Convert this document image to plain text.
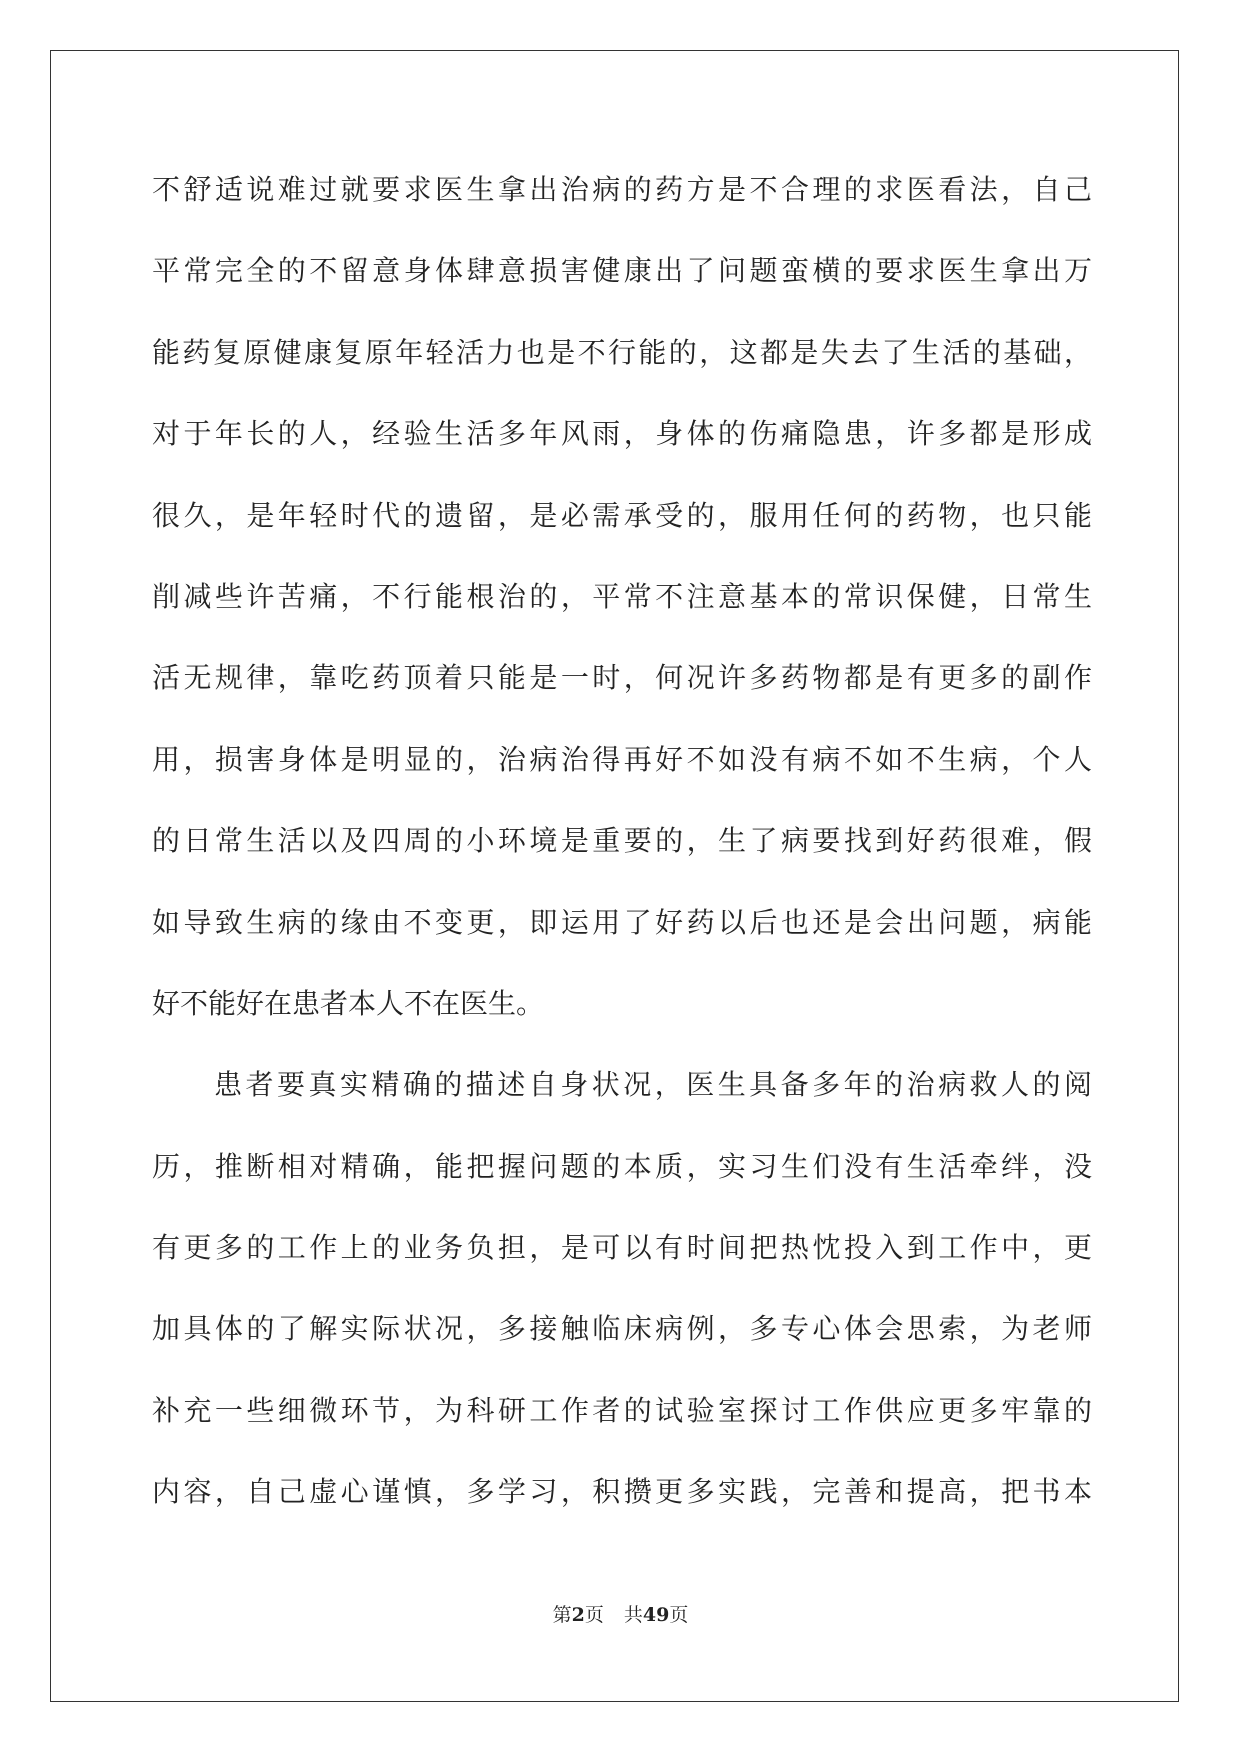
不舒适说难过就要求医生拿出治病的药方是不合理的求医看法，自己
平常完全的不留意身体肆意损害健康出了问题蛮横的要求医生拿出万
能药复原健康复原年轻活力也是不行能的，这都是失去了生活的基础，
对于年长的人，经验生活多年风雨，身体的伤痛隐患，许多都是形成
很久，是年轻时代的遗留，是必需承受的，服用任何的药物，也只能
削减些许苦痛，不行能根治的，平常不注意基本的常识保健，日常生
活无规律，靠吃药顶着只能是一时，何况许多药物都是有更多的副作
用，损害身体是明显的，治病治得再好不如没有病不如不生病，个人
的日常生活以及四周的小环境是重要的，生了病要找到好药很难，假
如导致生病的缘由不变更，即运用了好药以后也还是会出问题，病能
好不能好在患者本人不在医生。
患者要真实精确的描述自身状况，医生具备多年的治病救人的阅
历，推断相对精确，能把握问题的本质，实习生们没有生活牵绊，没
有更多的工作上的业务负担，是可以有时间把热忱投入到工作中，更
加具体的了解实际状况，多接触临床病例，多专心体会思索，为老师
补充一些细微环节，为科研工作者的试验室探讨工作供应更多牢靠的
内容，自己虚心谨慎，多学习，积攒更多实践，完善和提高，把书本
第2页 共49页
